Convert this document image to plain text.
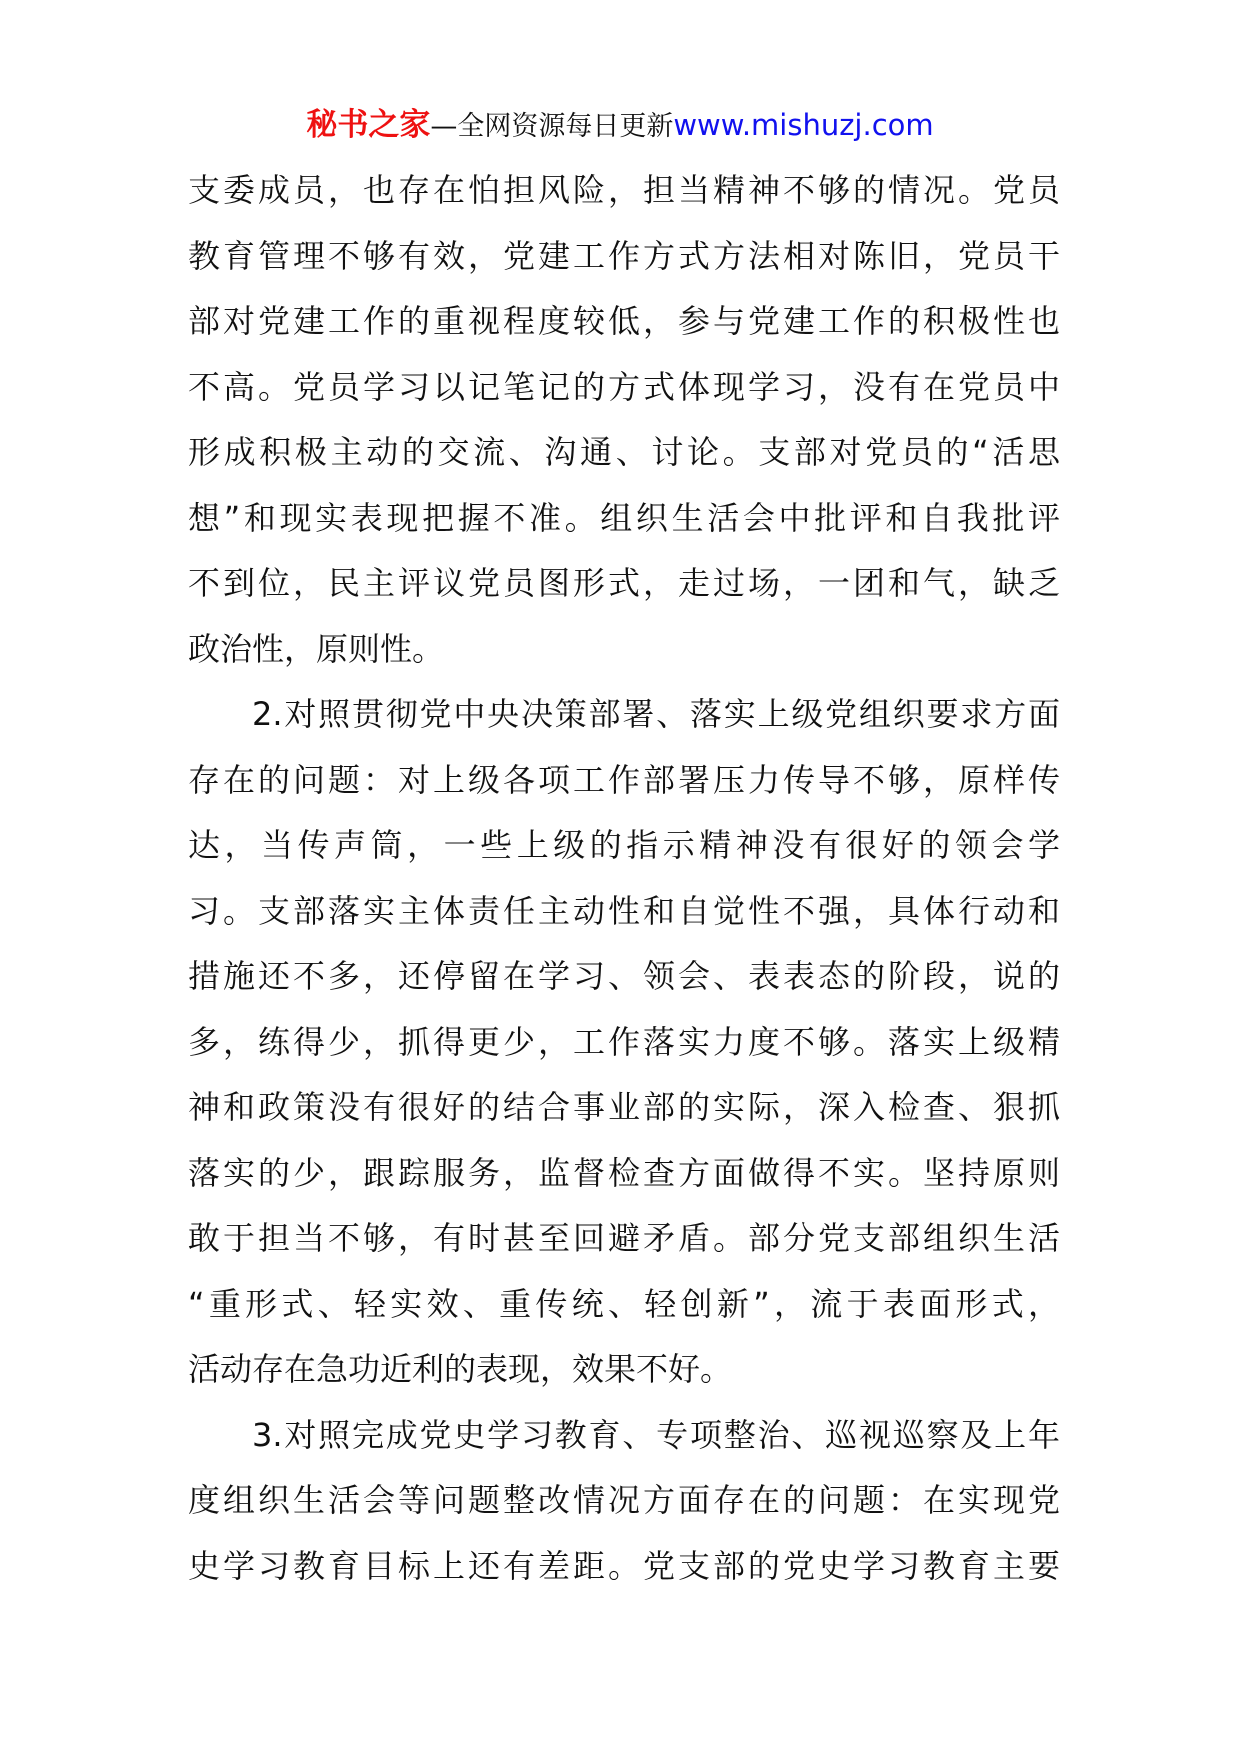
秘书之家—全网资源每日更新www.mishuzj.com
支委成员，也存在怕担风险，担当精神不够的情况。党员
教育管理不够有效，党建工作方式方法相对陈旧，党员干
部对党建工作的重视程度较低，参与党建工作的积极性也
不高。党员学习以记笔记的方式体现学习，没有在党员中
形成积极主动的交流、沟通、讨论。支部对党员的“活思
想”和现实表现把握不准。组织生活会中批评和自我批评
不到位，民主评议党员图形式，走过场，一团和气，缺乏
政治性，原则性。
2.对照贯彻党中央决策部署、落实上级党组织要求方面
存在的问题：对上级各项工作部署压力传导不够，原样传
达，当传声筒，一些上级的指示精神没有很好的领会学
习。支部落实主体责任主动性和自觉性不强，具体行动和
措施还不多，还停留在学习、领会、表表态的阶段，说的
多，练得少，抓得更少，工作落实力度不够。落实上级精
神和政策没有很好的结合事业部的实际，深入检查、狠抓
落实的少，跟踪服务，监督检查方面做得不实。坚持原则
敢于担当不够，有时甚至回避矛盾。部分党支部组织生活
“重形式、轻实效、重传统、轻创新”，流于表面形式，
活动存在急功近利的表现，效果不好。
3.对照完成党史学习教育、专项整治、巡视巡察及上年
度组织生活会等问题整改情况方面存在的问题：在实现党
史学习教育目标上还有差距。党支部的党史学习教育主要
